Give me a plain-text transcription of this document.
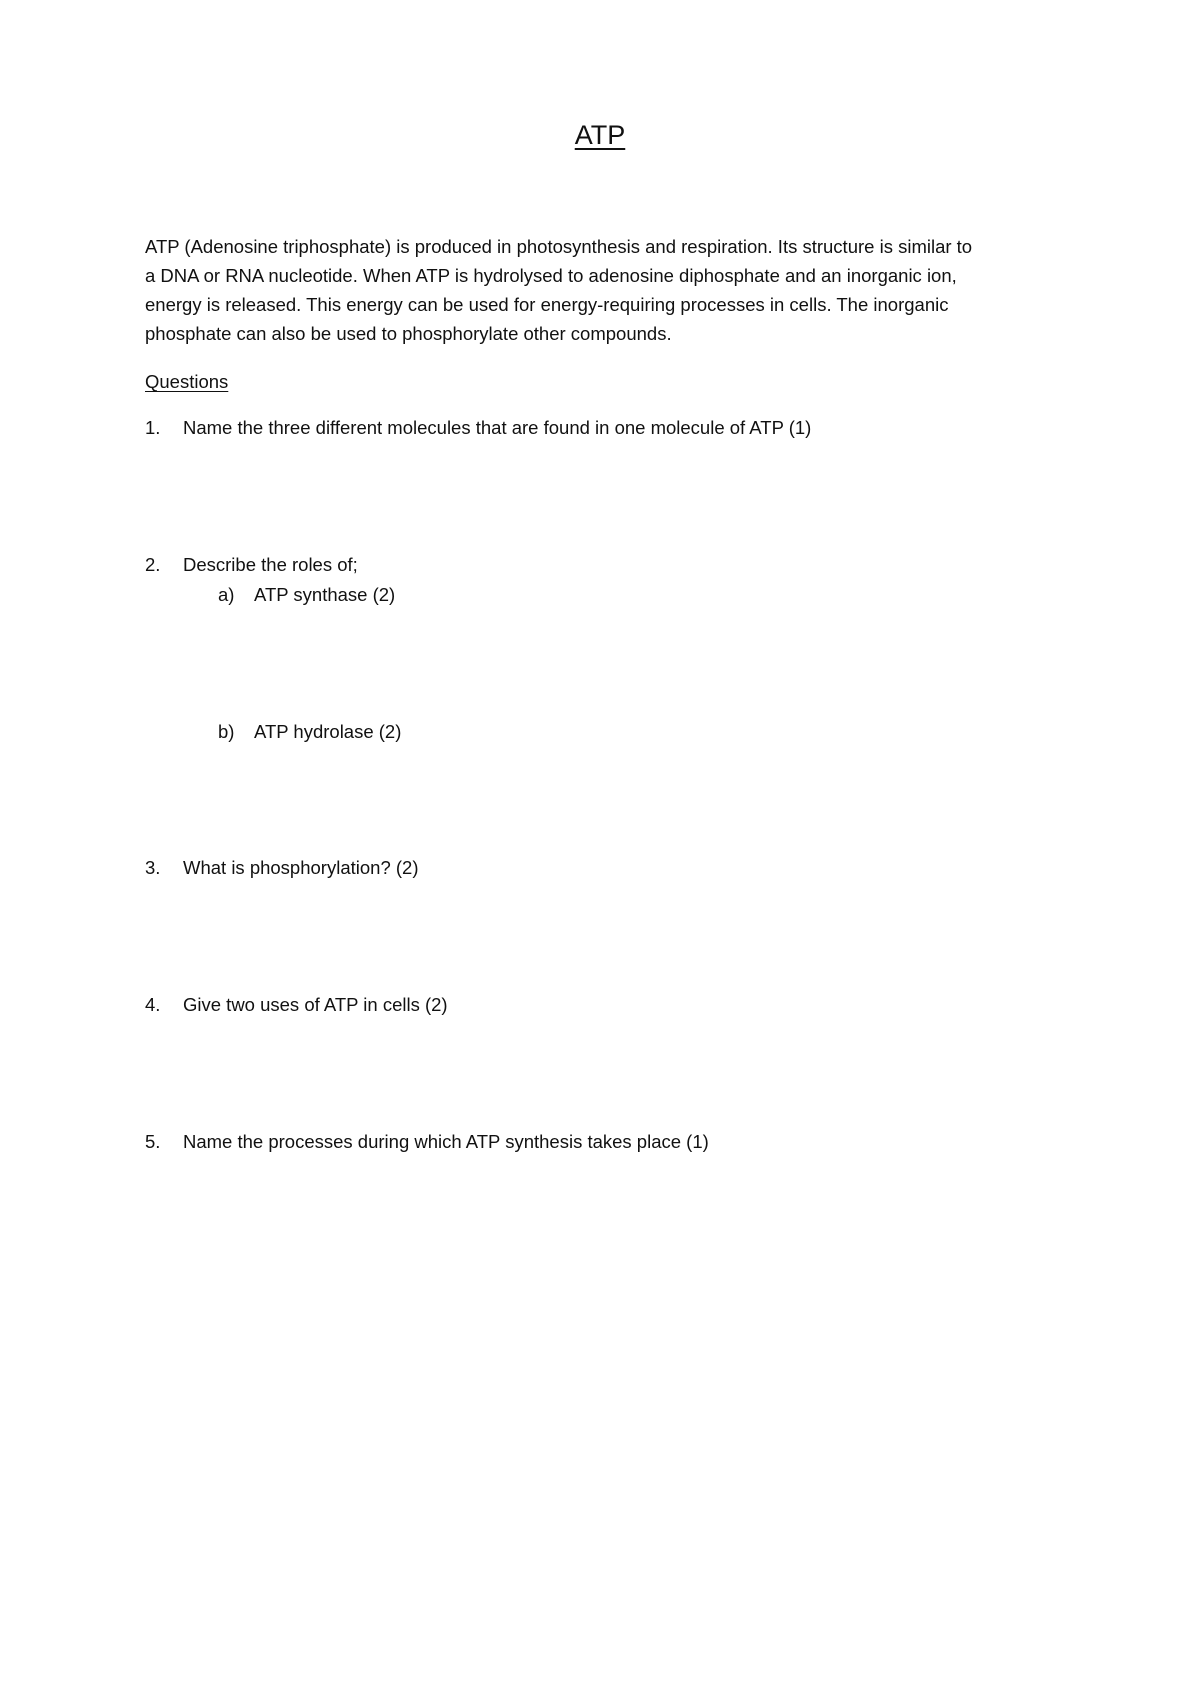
ATP

ATP (Adenosine triphosphate) is produced in photosynthesis and respiration. Its structure is similar to
a DNA or RNA nucleotide. When ATP is hydrolysed to adenosine diphosphate and an inorganic ion,
energy is released. This energy can be used for energy-requiring processes in cells. The inorganic
phosphate can also be used to phosphorylate other compounds.

Questions
1. Name the three different molecules that are found in one molecule of ATP (1)
2. Describe the roles of;
a) ATP synthase (2)
b) ATP hydrolase (2)
3. What is phosphorylation? (2)
4. Give two uses of ATP in cells (2)
5. Name the processes during which ATP synthesis takes place (1)
